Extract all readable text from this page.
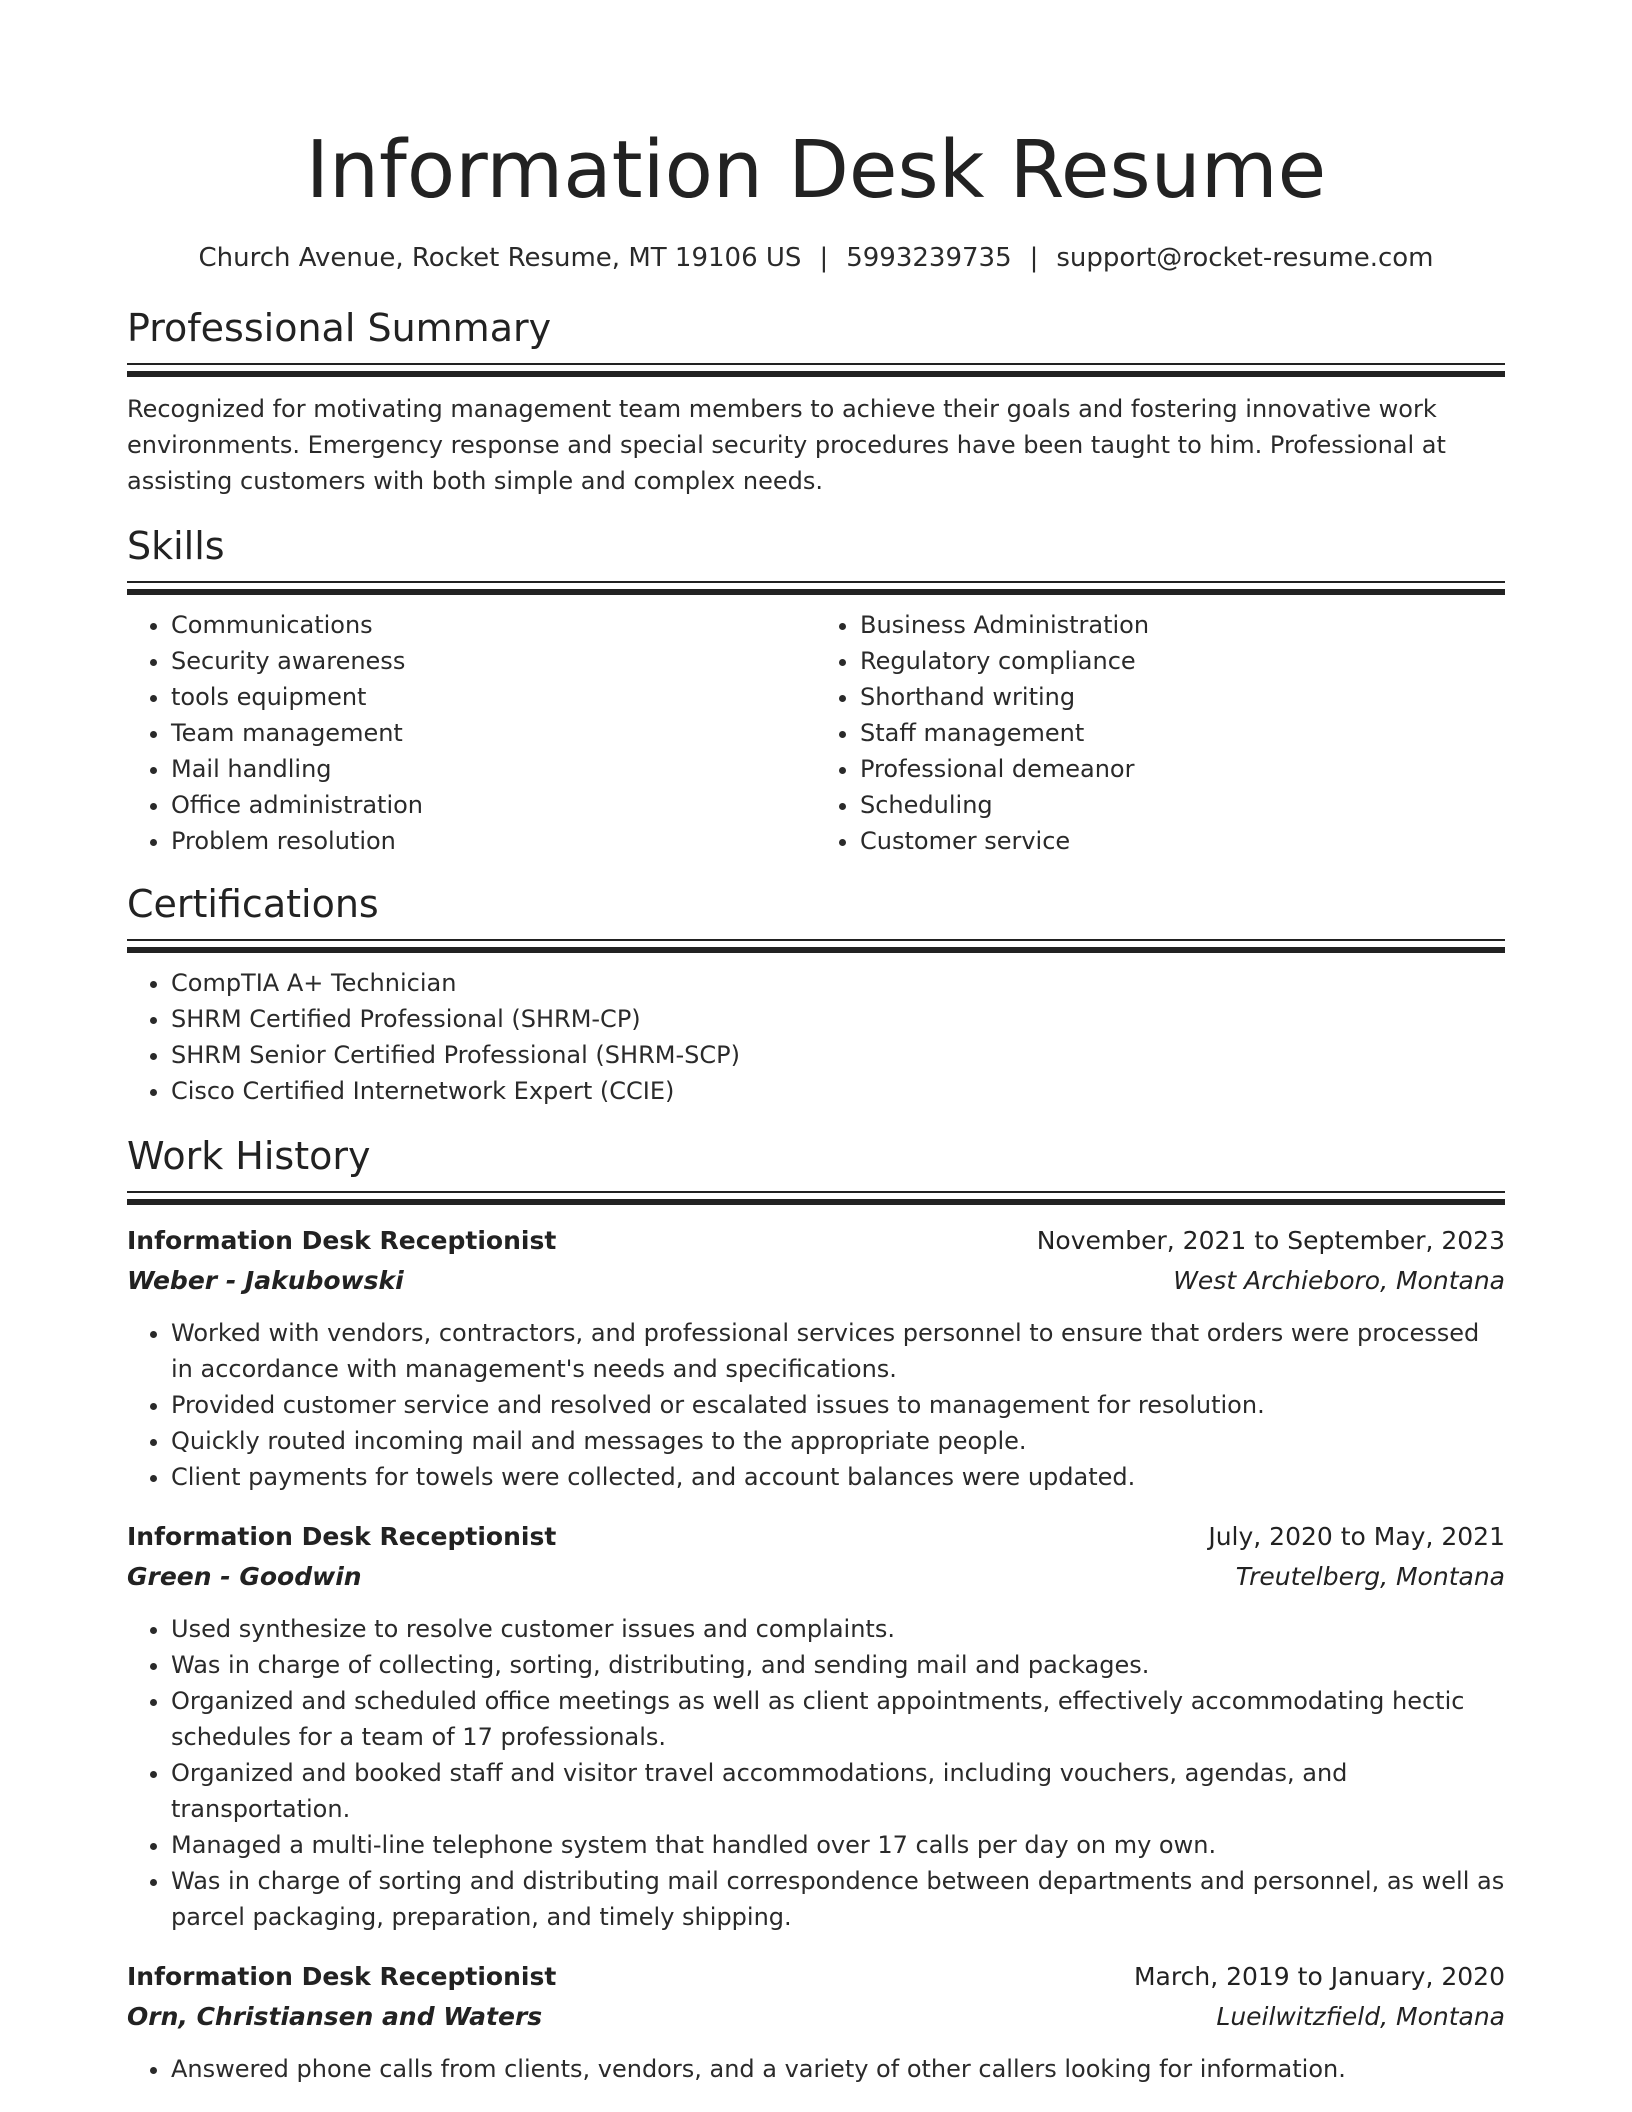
Information Desk Resume
Church Avenue, Rocket Resume, MT 19106 US | 5993239735 | support@rocket-resume.com
Professional Summary
Recognized for motivating management team members to achieve their goals and fostering innovative work environments. Emergency response and special security procedures have been taught to him. Professional at assisting customers with both simple and complex needs.
Skills
• Communications
• Security awareness
• tools equipment
• Team management
• Mail handling
• Office administration
• Problem resolution
• Business Administration
• Regulatory compliance
• Shorthand writing
• Staff management
• Professional demeanor
• Scheduling
• Customer service
Certifications
• CompTIA A+ Technician
• SHRM Certified Professional (SHRM-CP)
• SHRM Senior Certified Professional (SHRM-SCP)
• Cisco Certified Internetwork Expert (CCIE)
Work History
Information Desk Receptionist	November, 2021 to September, 2023
Weber - Jakubowski	West Archieboro, Montana
• Worked with vendors, contractors, and professional services personnel to ensure that orders were processed in accordance with management's needs and specifications.
• Provided customer service and resolved or escalated issues to management for resolution.
• Quickly routed incoming mail and messages to the appropriate people.
• Client payments for towels were collected, and account balances were updated.
Information Desk Receptionist	July, 2020 to May, 2021
Green - Goodwin	Treutelberg, Montana
• Used synthesize to resolve customer issues and complaints.
• Was in charge of collecting, sorting, distributing, and sending mail and packages.
• Organized and scheduled office meetings as well as client appointments, effectively accommodating hectic schedules for a team of 17 professionals.
• Organized and booked staff and visitor travel accommodations, including vouchers, agendas, and transportation.
• Managed a multi-line telephone system that handled over 17 calls per day on my own.
• Was in charge of sorting and distributing mail correspondence between departments and personnel, as well as parcel packaging, preparation, and timely shipping.
Information Desk Receptionist	March, 2019 to January, 2020
Orn, Christiansen and Waters	Lueilwitzfield, Montana
• Answered phone calls from clients, vendors, and a variety of other callers looking for information.
